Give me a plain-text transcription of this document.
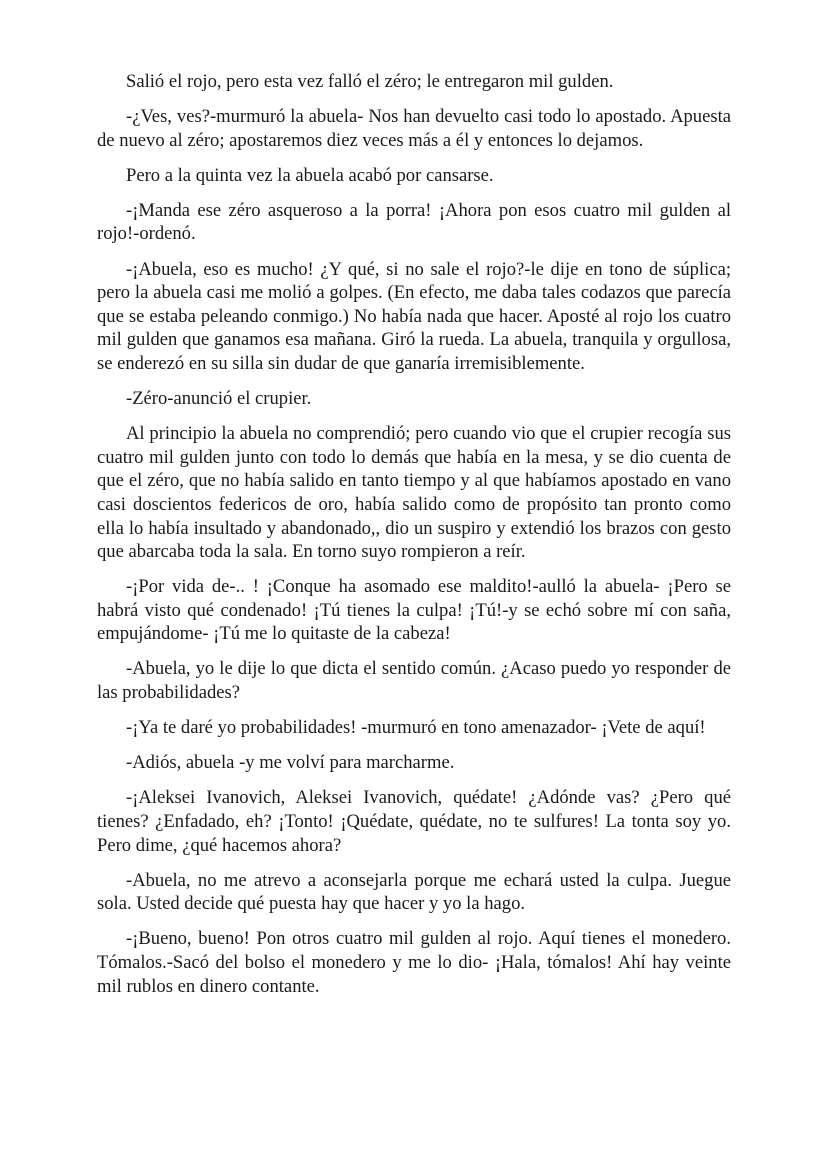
Salió el rojo, pero esta vez falló el zéro; le entregaron mil gulden.

-¿Ves, ves?-murmuró la abuela- Nos han devuelto casi todo lo apostado. Apuesta de nuevo al zéro; apostaremos diez veces más a él y entonces lo dejamos.

Pero a la quinta vez la abuela acabó por cansarse.

-¡Manda ese zéro asqueroso a la porra! ¡Ahora pon esos cuatro mil gulden al rojo!-ordenó.

-¡Abuela, eso es mucho! ¿Y qué, si no sale el rojo?-le dije en tono de súplica; pero la abuela casi me molió a golpes. (En efecto, me daba tales codazos que parecía que se estaba peleando conmigo.) No había nada que hacer. Aposté al rojo los cuatro mil gulden que ganamos esa mañana. Giró la rueda. La abuela, tranquila y orgullosa, se enderezó en su silla sin dudar de que ganaría irremisiblemente.

-Zéro-anunció el crupier.

Al principio la abuela no comprendió; pero cuando vio que el crupier recogía sus cuatro mil gulden junto con todo lo demás que había en la mesa, y se dio cuenta de que el zéro, que no había salido en tanto tiempo y al que habíamos apostado en vano casi doscientos federicos de oro, había salido como de propósito tan pronto como ella lo había insultado y abandonado,, dio un suspiro y extendió los brazos con gesto que abarcaba toda la sala. En torno suyo rompieron a reír.

-¡Por vida de-.. ! ¡Conque ha asomado ese maldito!-aulló la abuela- ¡Pero se habrá visto qué condenado! ¡Tú tienes la culpa! ¡Tú!-y se echó sobre mí con saña, empujándome- ¡Tú me lo quitaste de la cabeza!

-Abuela, yo le dije lo que dicta el sentido común. ¿Acaso puedo yo responder de las probabilidades?

-¡Ya te daré yo probabilidades! -murmuró en tono amenazador- ¡Vete de aquí!

-Adiós, abuela -y me volví para marcharme.

-¡Aleksei Ivanovich, Aleksei Ivanovich, quédate! ¿Adónde vas? ¿Pero qué tienes? ¿Enfadado, eh? ¡Tonto! ¡Quédate, quédate, no te sulfures! La tonta soy yo. Pero dime, ¿qué hacemos ahora?

-Abuela, no me atrevo a aconsejarla porque me echará usted la culpa. Juegue sola. Usted decide qué puesta hay que hacer y yo la hago.

-¡Bueno, bueno! Pon otros cuatro mil gulden al rojo. Aquí tienes el monedero. Tómalos.-Sacó del bolso el monedero y me lo dio- ¡Hala, tómalos! Ahí hay veinte mil rublos en dinero contante.
